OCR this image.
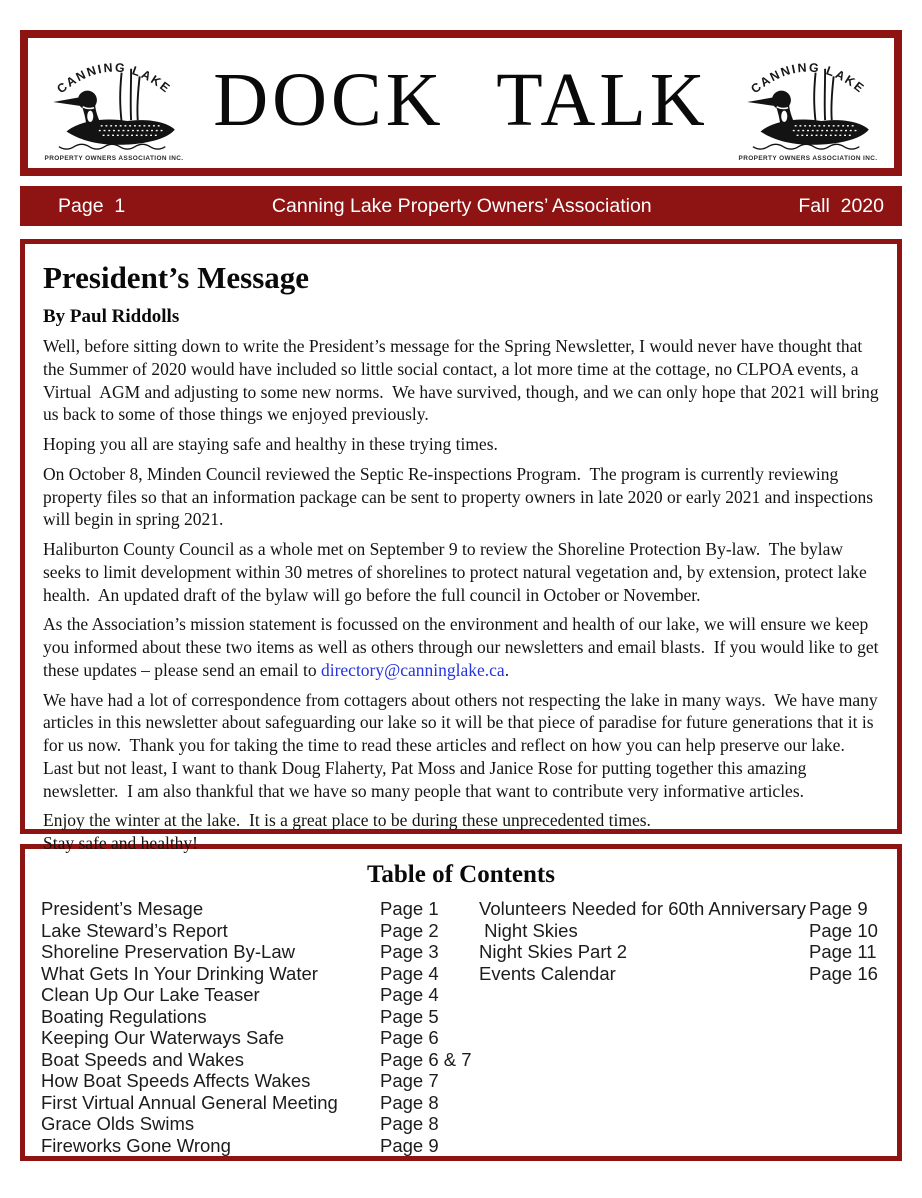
CANNING LAKE
PROPERTY OWNERS ASSOCIATION INC.
DOCK TALK	CANNING LAKE
PROPERTY OWNERS ASSOCIATION INC.
Page  1	Canning Lake Property Owners’ Association	Fall  2020
President’s Message
By Paul Riddolls

Well, before sitting down to write the President’s message for the Spring Newsletter, I would never have thought that the Summer of 2020 would have included so little social contact, a lot more time at the cottage, no CLPOA events, a Virtual  AGM and adjusting to some new norms.  We have survived, though, and we can only hope that 2021 will bring us back to some of those things we enjoyed previously.

Hoping you all are staying safe and healthy in these trying times.

On October 8, Minden Council reviewed the Septic Re-inspections Program.  The program is currently reviewing property files so that an information package can be sent to property owners in late 2020 or early 2021 and inspections will begin in spring 2021.

Haliburton County Council as a whole met on September 9 to review the Shoreline Protection By-law.  The bylaw seeks to limit development within 30 metres of shorelines to protect natural vegetation and, by extension, protect lake health.  An updated draft of the bylaw will go before the full council in October or November.

As the Association’s mission statement is focussed on the environment and health of our lake, we will ensure we keep you informed about these two items as well as others through our newsletters and email blasts.  If you would like to get these updates – please send an email to directory@canninglake.ca.

We have had a lot of correspondence from cottagers about others not respecting the lake in many ways.  We have many articles in this newsletter about safeguarding our lake so it will be that piece of paradise for future generations that it is for us now.  Thank you for taking the time to read these articles and reflect on how you can help preserve our lake.
Last but not least, I want to thank Doug Flaherty, Pat Moss and Janice Rose for putting together this amazing newsletter.  I am also thankful that we have so many people that want to contribute very informative articles.

Enjoy the winter at the lake.  It is a great place to be during these unprecedented times.
Stay safe and healthy!

Table of Contents
President’s Mesage	Page 1
Lake Steward’s Report	Page 2
Shoreline Preservation By-Law	Page 3
What Gets In Your Drinking Water	Page 4
Clean Up Our Lake Teaser	Page 4
Boating Regulations	Page 5
Keeping Our Waterways Safe	Page 6
Boat Speeds and Wakes	Page 6 & 7
How Boat Speeds Affects Wakes	Page 7
First Virtual Annual General Meeting	Page 8
Grace Olds Swims	Page 8
Fireworks Gone Wrong	Page 9
Volunteers Needed for 60th Anniversary Page 9
Night Skies	Page 10
Night Skies Part 2	Page 11
Events Calendar	Page 16
